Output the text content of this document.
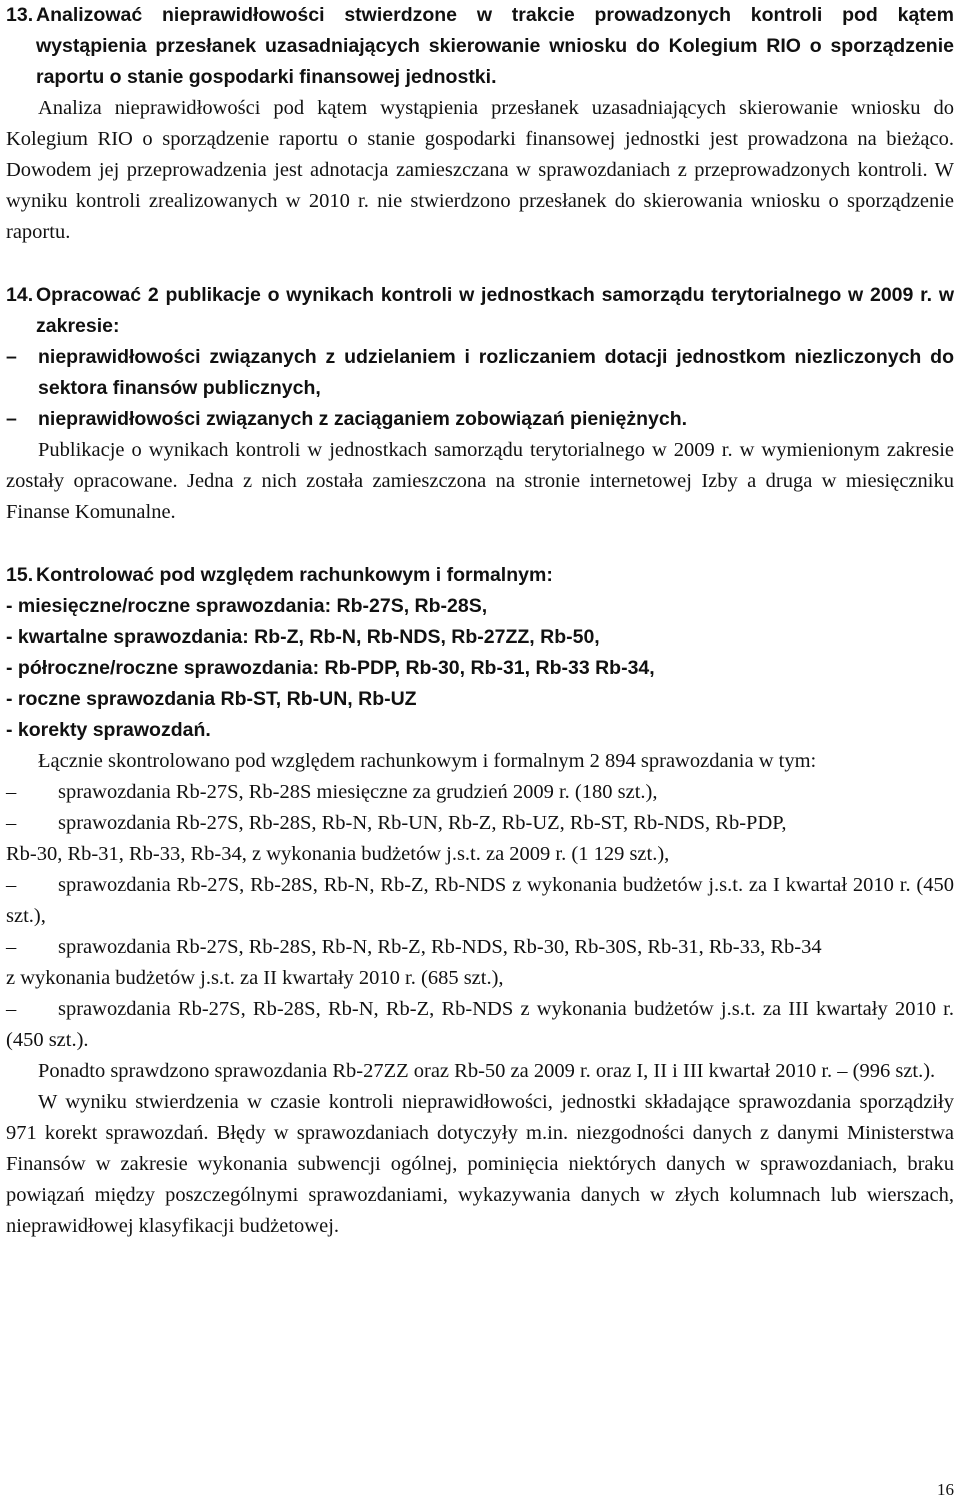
13. Analizować nieprawidłowości stwierdzone w trakcie prowadzonych kontroli pod kątem wystąpienia przesłanek uzasadniających skierowanie wniosku do Kolegium RIO o sporządzenie raportu o stanie gospodarki finansowej jednostki.

Analiza nieprawidłowości pod kątem wystąpienia przesłanek uzasadniających skierowanie wniosku do Kolegium RIO o sporządzenie raportu o stanie gospodarki finansowej jednostki jest prowadzona na bieżąco. Dowodem jej przeprowadzenia jest adnotacja zamieszczana w sprawozdaniach z przeprowadzonych kontroli. W wyniku kontroli zrealizowanych w 2010 r. nie stwierdzono przesłanek do skierowania wniosku o sporządzenie raportu.

14. Opracować 2 publikacje o wynikach kontroli w jednostkach samorządu terytorialnego w 2009 r. w zakresie:
–	nieprawidłowości związanych z udzielaniem i rozliczaniem dotacji jednostkom niezliczonych do sektora finansów publicznych,
–	nieprawidłowości związanych z zaciąganiem zobowiązań pieniężnych.

Publikacje o wynikach kontroli w jednostkach samorządu terytorialnego w 2009 r. w wymienionym zakresie zostały opracowane. Jedna z nich została zamieszczona na stronie internetowej Izby a druga w miesięczniku Finanse Komunalne.

15. Kontrolować pod względem rachunkowym i formalnym:
- miesięczne/roczne sprawozdania: Rb-27S, Rb-28S,
- kwartalne sprawozdania: Rb-Z, Rb-N, Rb-NDS, Rb-27ZZ, Rb-50,
- półroczne/roczne sprawozdania: Rb-PDP, Rb-30, Rb-31, Rb-33 Rb-34,
- roczne sprawozdania Rb-ST, Rb-UN, Rb-UZ
- korekty sprawozdań.

Łącznie skontrolowano pod względem rachunkowym i formalnym 2 894 sprawozdania w tym:

– sprawozdania Rb-27S, Rb-28S miesięczne za grudzień 2009 r. (180 szt.),
– sprawozdania Rb-27S, Rb-28S, Rb-N, Rb-UN, Rb-Z, Rb-UZ, Rb-ST, Rb-NDS, Rb-PDP,
Rb-30, Rb-31, Rb-33, Rb-34, z wykonania budżetów j.s.t. za 2009 r. (1 129 szt.),
– sprawozdania Rb-27S, Rb-28S, Rb-N, Rb-Z, Rb-NDS z wykonania budżetów j.s.t. za I kwartał 2010 r. (450 szt.),
– sprawozdania Rb-27S, Rb-28S, Rb-N, Rb-Z, Rb-NDS, Rb-30, Rb-30S, Rb-31, Rb-33, Rb-34
z wykonania budżetów j.s.t. za II kwartały 2010 r. (685 szt.),
– sprawozdania Rb-27S, Rb-28S, Rb-N, Rb-Z, Rb-NDS z wykonania budżetów j.s.t. za III kwartały 2010 r. (450 szt.).

Ponadto sprawdzono sprawozdania Rb-27ZZ oraz Rb-50 za 2009 r. oraz I, II i III kwartał 2010 r. – (996 szt.).

W wyniku stwierdzenia w czasie kontroli nieprawidłowości, jednostki składające sprawozdania sporządziły 971 korekt sprawozdań. Błędy w sprawozdaniach dotyczyły m.in. niezgodności danych z danymi Ministerstwa Finansów w zakresie wykonania subwencji ogólnej, pominięcia niektórych danych w sprawozdaniach, braku powiązań między poszczególnymi sprawozdaniami, wykazywania danych w złych kolumnach lub wierszach, nieprawidłowej klasyfikacji budżetowej.

16
